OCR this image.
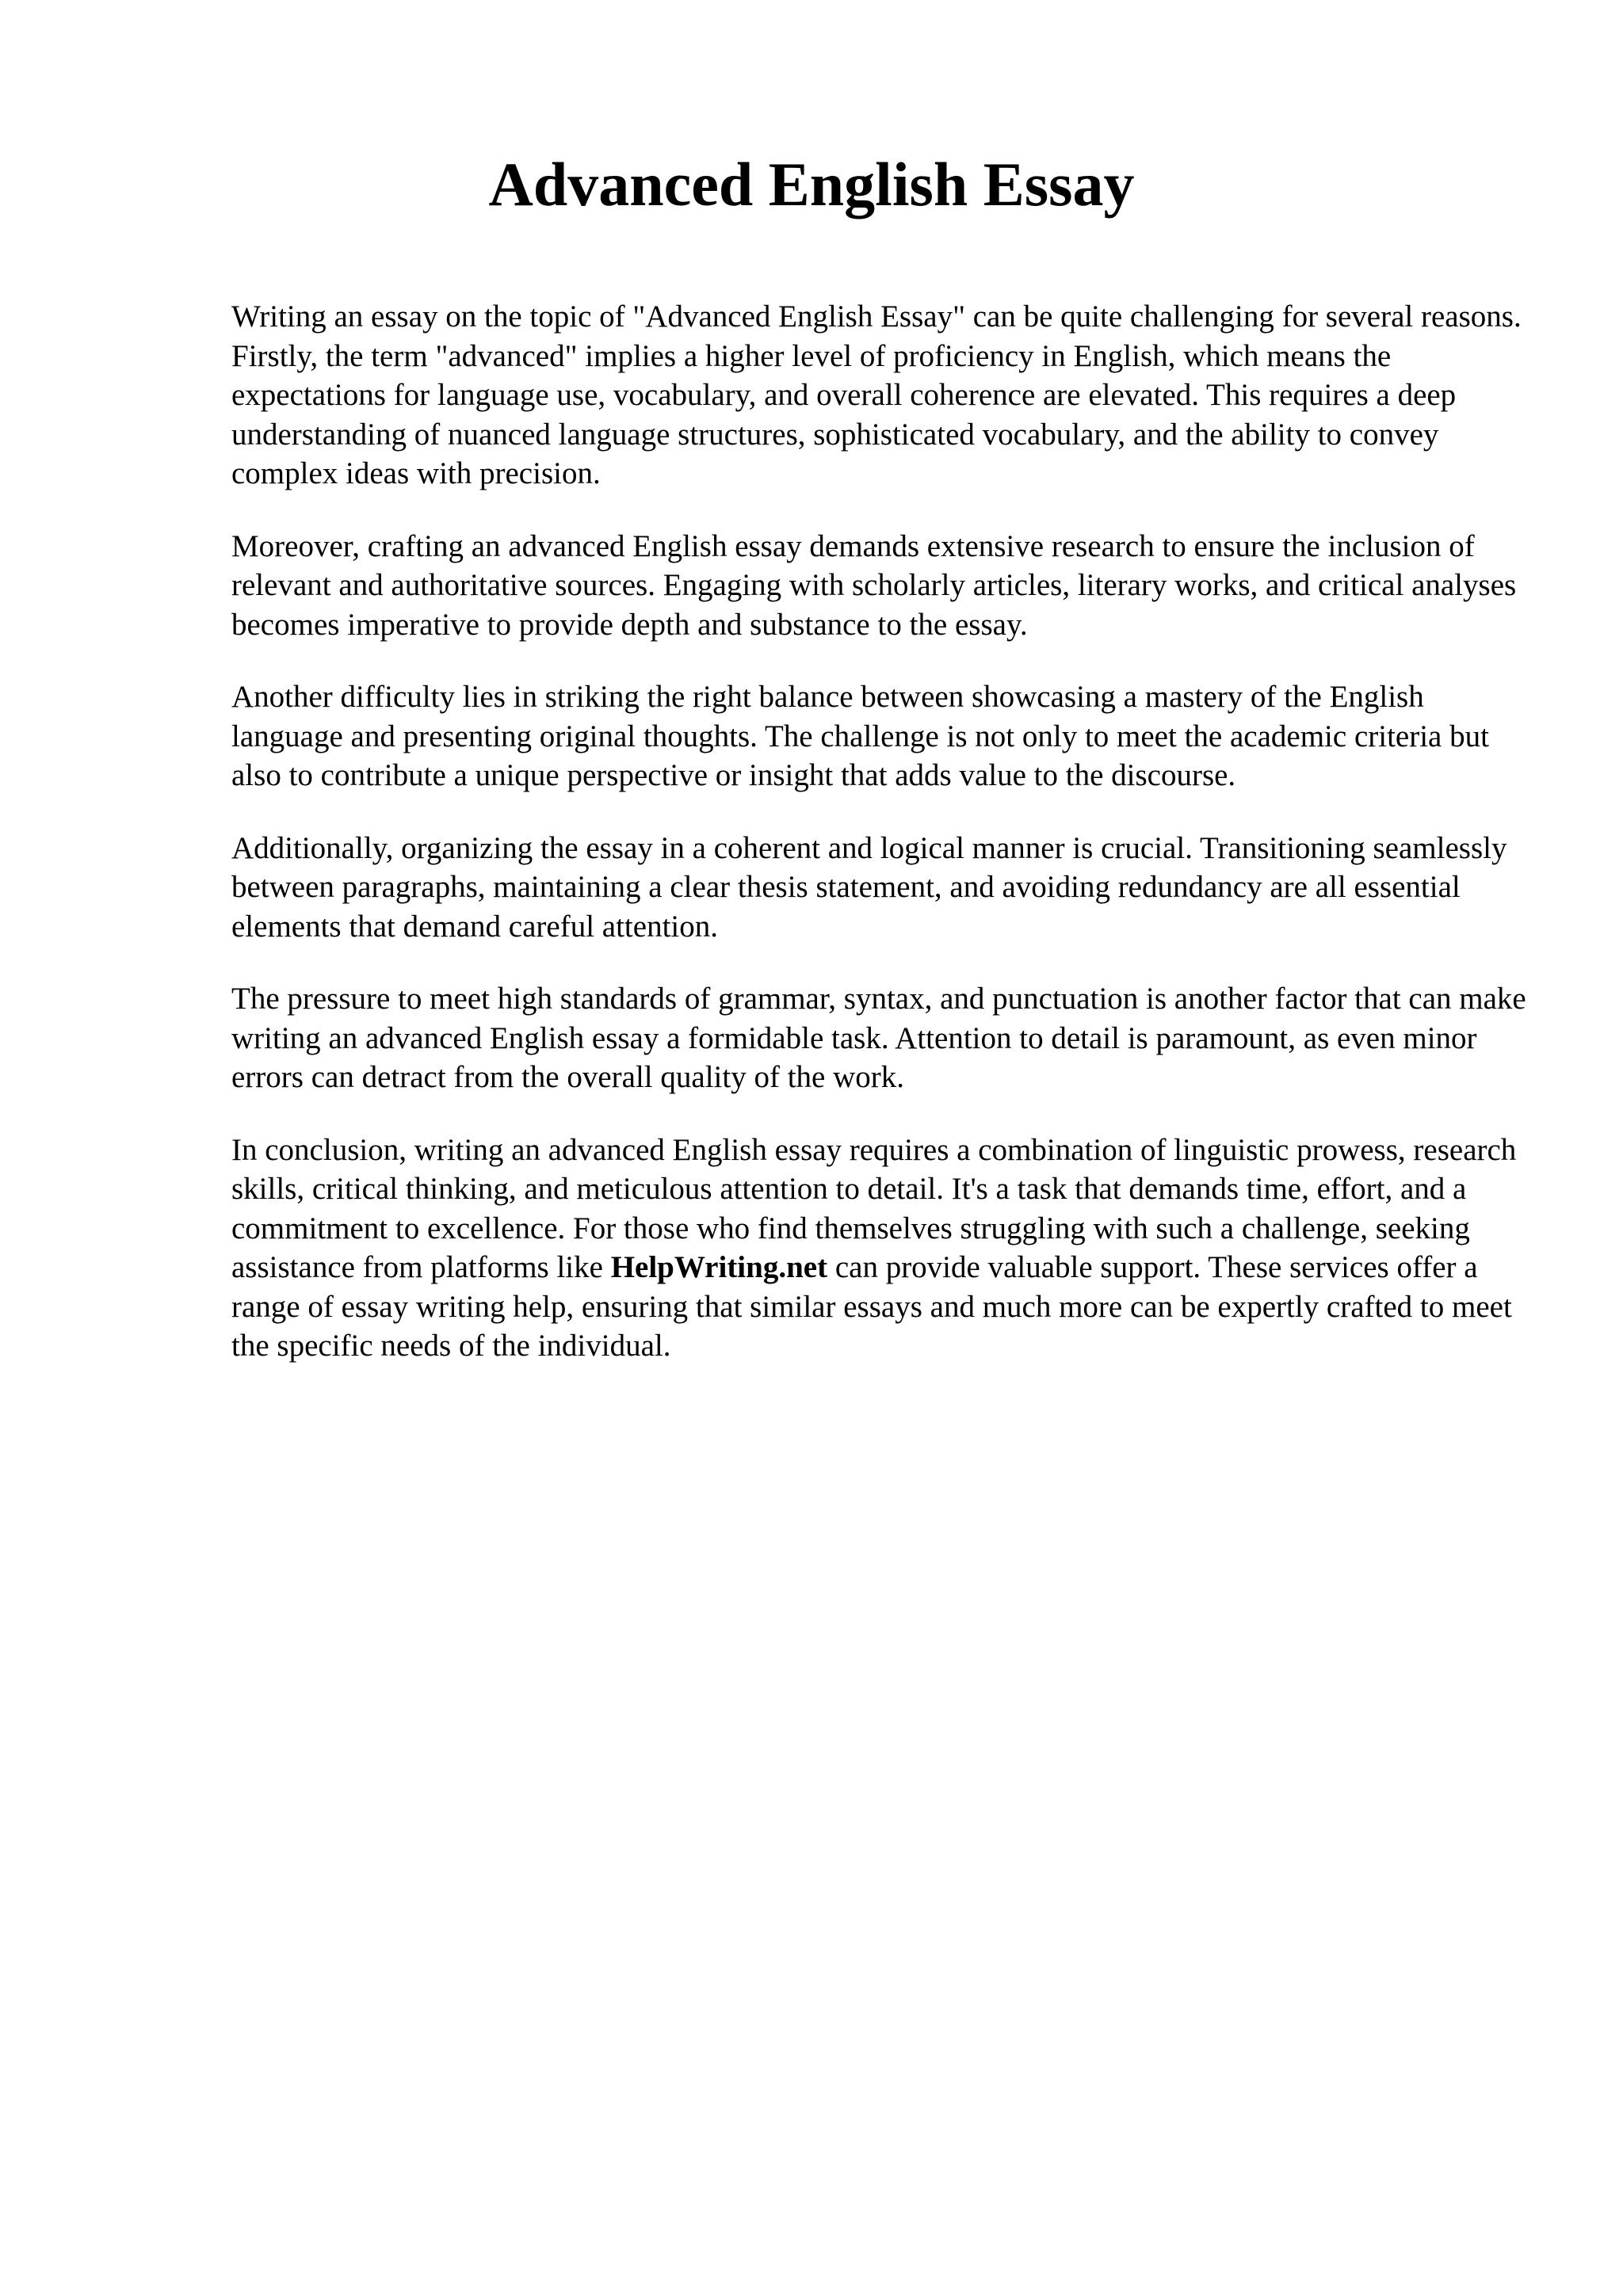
Advanced English Essay

Writing an essay on the topic of "Advanced English Essay" can be quite challenging for several reasons. Firstly, the term "advanced" implies a higher level of proficiency in English, which means the expectations for language use, vocabulary, and overall coherence are elevated. This requires a deep understanding of nuanced language structures, sophisticated vocabulary, and the ability to convey complex ideas with precision.

Moreover, crafting an advanced English essay demands extensive research to ensure the inclusion of relevant and authoritative sources. Engaging with scholarly articles, literary works, and critical analyses becomes imperative to provide depth and substance to the essay.

Another difficulty lies in striking the right balance between showcasing a mastery of the English language and presenting original thoughts. The challenge is not only to meet the academic criteria but also to contribute a unique perspective or insight that adds value to the discourse.

Additionally, organizing the essay in a coherent and logical manner is crucial. Transitioning seamlessly between paragraphs, maintaining a clear thesis statement, and avoiding redundancy are all essential elements that demand careful attention.

The pressure to meet high standards of grammar, syntax, and punctuation is another factor that can make writing an advanced English essay a formidable task. Attention to detail is paramount, as even minor errors can detract from the overall quality of the work.

In conclusion, writing an advanced English essay requires a combination of linguistic prowess, research skills, critical thinking, and meticulous attention to detail. It's a task that demands time, effort, and a commitment to excellence. For those who find themselves struggling with such a challenge, seeking assistance from platforms like HelpWriting.net can provide valuable support. These services offer a range of essay writing help, ensuring that similar essays and much more can be expertly crafted to meet the specific needs of the individual.
